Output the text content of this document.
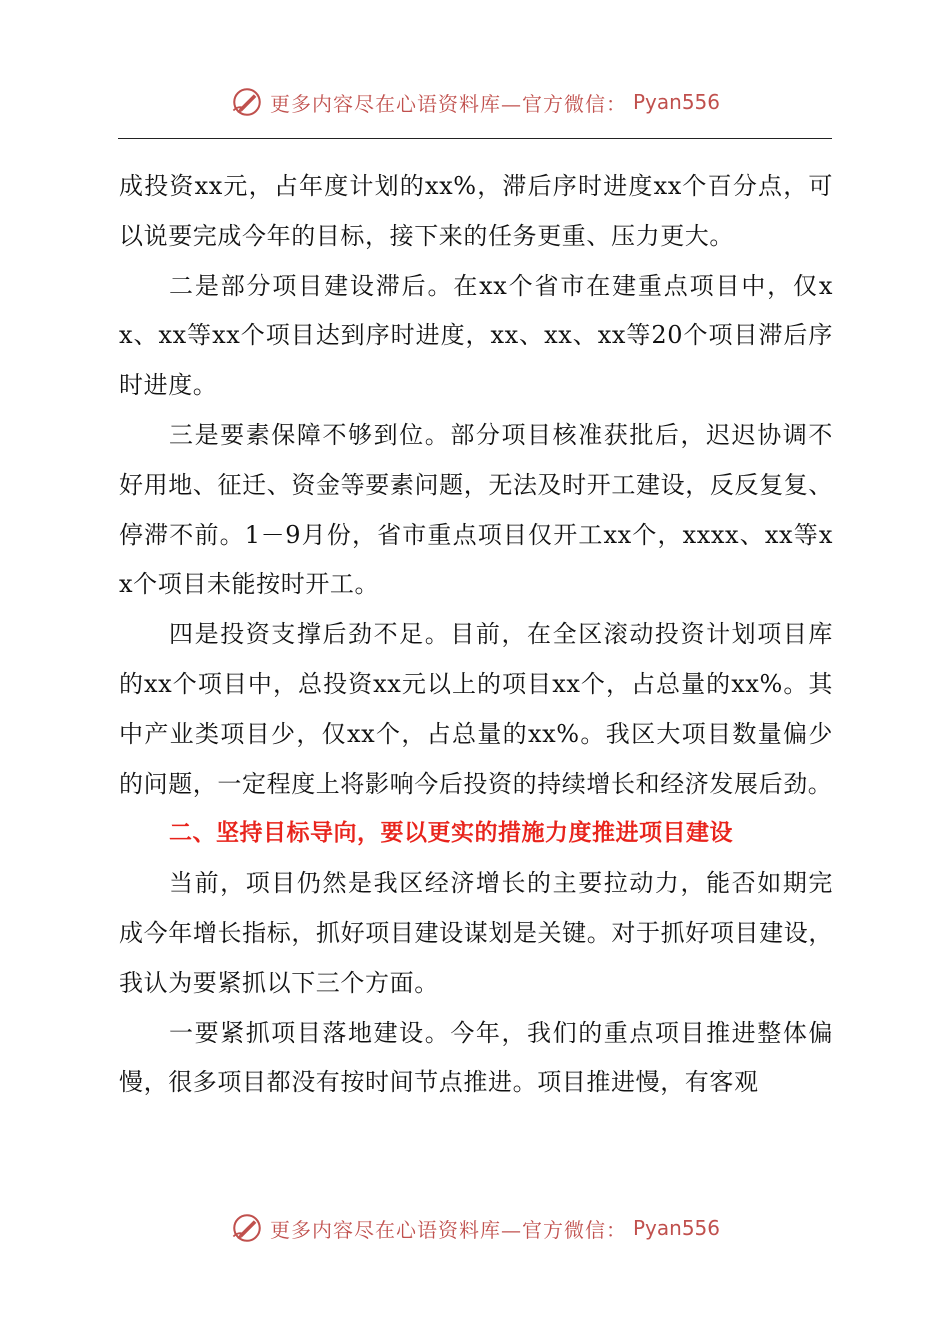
更多内容尽在心语资料库—官方微信： Pyan556

成投资xx元，占年度计划的xx%，滞后序时进度xx个百分点，可以说要完成今年的目标，接下来的任务更重、压力更大。

二是部分项目建设滞后。在xx个省市在建重点项目中，仅xx、xx等xx个项目达到序时进度，xx、xx、xx等20个项目滞后序时进度。

三是要素保障不够到位。部分项目核准获批后，迟迟协调不好用地、征迁、资金等要素问题，无法及时开工建设，反反复复、停滞不前。1－9月份，省市重点项目仅开工xx个，xxxx、xx等xx个项目未能按时开工。

四是投资支撑后劲不足。目前，在全区滚动投资计划项目库的xx个项目中，总投资xx元以上的项目xx个，占总量的xx%。其中产业类项目少，仅xx个，占总量的xx%。我区大项目数量偏少的问题，一定程度上将影响今后投资的持续增长和经济发展后劲。

二、坚持目标导向，要以更实的措施力度推进项目建设

当前，项目仍然是我区经济增长的主要拉动力，能否如期完成今年增长指标，抓好项目建设谋划是关键。对于抓好项目建设，我认为要紧抓以下三个方面。

一要紧抓项目落地建设。今年，我们的重点项目推进整体偏慢，很多项目都没有按时间节点推进。项目推进慢，有客观

更多内容尽在心语资料库—官方微信： Pyan556
